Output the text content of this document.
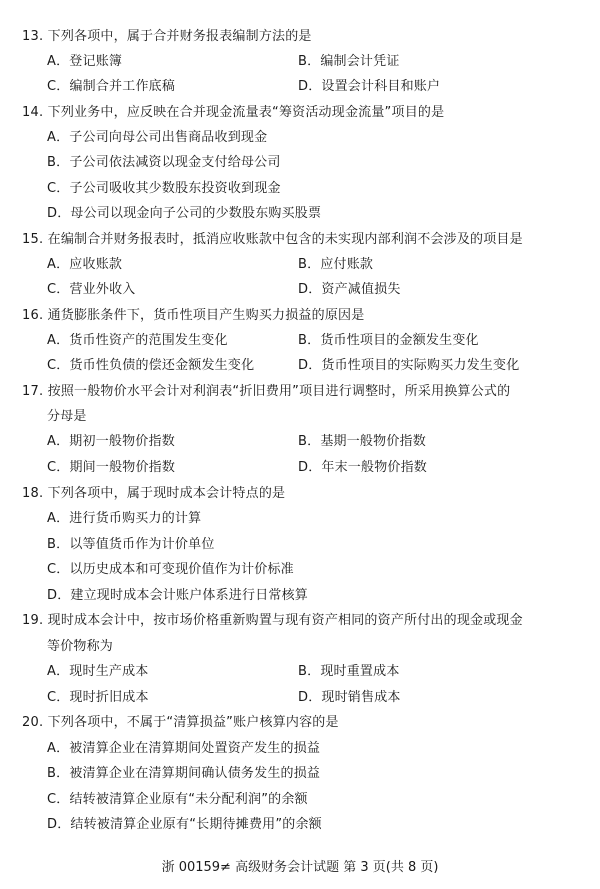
13. 下列各项中，属于合并财务报表编制方法的是
A．登记账簿	B．编制会计凭证
C．编制合并工作底稿	D．设置会计科目和账户
14. 下列业务中，应反映在合并现金流量表“筹资活动现金流量”项目的是
A．子公司向母公司出售商品收到现金
B．子公司依法减资以现金支付给母公司
C．子公司吸收其少数股东投资收到现金
D．母公司以现金向子公司的少数股东购买股票
15. 在编制合并财务报表时，抵消应收账款中包含的未实现内部利润不会涉及的项目是
A．应收账款	B．应付账款
C．营业外收入	D．资产减值损失
16. 通货膨胀条件下，货币性项目产生购买力损益的原因是
A．货币性资产的范围发生变化	B．货币性项目的金额发生变化
C．货币性负债的偿还金额发生变化	D．货币性项目的实际购买力发生变化
17. 按照一般物价水平会计对利润表“折旧费用”项目进行调整时，所采用换算公式的
分母是
A．期初一般物价指数	B．基期一般物价指数
C．期间一般物价指数	D．年末一般物价指数
18. 下列各项中，属于现时成本会计特点的是
A．进行货币购买力的计算
B．以等值货币作为计价单位
C．以历史成本和可变现价值作为计价标准
D．建立现时成本会计账户体系进行日常核算
19. 现时成本会计中，按市场价格重新购置与现有资产相同的资产所付出的现金或现金
等价物称为
A．现时生产成本	B．现时重置成本
C．现时折旧成本	D．现时销售成本
20. 下列各项中，不属于“清算损益”账户核算内容的是
A．被清算企业在清算期间处置资产发生的损益
B．被清算企业在清算期间确认债务发生的损益
C．结转被清算企业原有“未分配利润”的余额
D．结转被清算企业原有“长期待摊费用”的余额
浙 00159≠ 高级财务会计试题 第 3 页(共 8 页)
